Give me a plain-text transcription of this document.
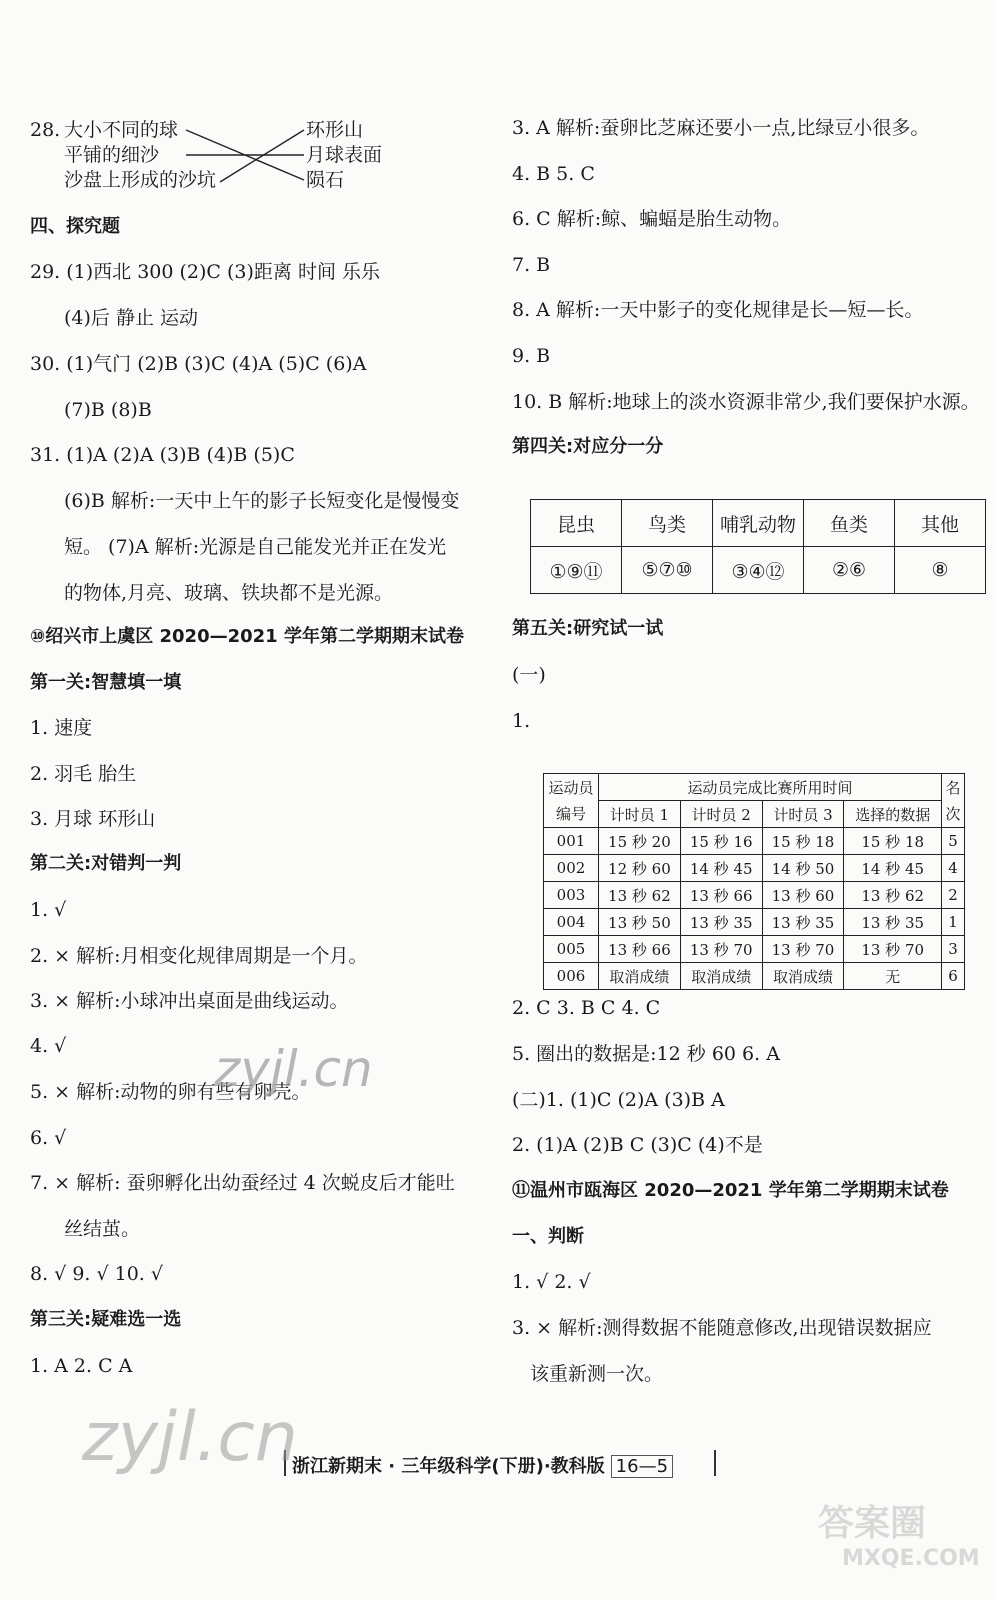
28. 大小不同的球
平铺的细沙
沙盘上形成的沙坑
环形山
月球表面
陨石
四、探究题
29. (1)西北 300 (2)C (3)距离 时间 乐乐
(4)后 静止 运动
30. (1)气门 (2)B (3)C (4)A (5)C (6)A
(7)B (8)B
31. (1)A (2)A (3)B (4)B (5)C
(6)B 解析:一天中上午的影子长短变化是慢慢变
短。 (7)A 解析:光源是自己能发光并正在发光
的物体,月亮、玻璃、铁块都不是光源。
⑩绍兴市上虞区 2020—2021 学年第二学期期末试卷
第一关:智慧填一填
1. 速度
2. 羽毛 胎生
3. 月球 环形山
第二关:对错判一判
1. √
2. × 解析:月相变化规律周期是一个月。
3. × 解析:小球冲出桌面是曲线运动。
4. √
5. × 解析:动物的卵有些有卵壳。
6. √
7. × 解析: 蚕卵孵化出幼蚕经过 4 次蜕皮后才能吐
丝结茧。
8. √ 9. √ 10. √
第三关:疑难选一选
1. A 2. C A
3. A 解析:蚕卵比芝麻还要小一点,比绿豆小很多。
4. B 5. C
6. C 解析:鲸、蝙蝠是胎生动物。
7. B
8. A 解析:一天中影子的变化规律是长—短—长。
9. B
10. B 解析:地球上的淡水资源非常少,我们要保护水源。
第四关:对应分一分
昆虫	鸟类	哺乳动物	鱼类	其他
①⑨⑪	⑤⑦⑩	③④⑫	②⑥	⑧
第五关:研究试一试
(一)
1.
运动员编号	运动员完成比赛所用时间				名次
	计时员 1	计时员 2	计时员 3	选择的数据	
001	15 秒 20	15 秒 16	15 秒 18	15 秒 18	5
002	12 秒 60	14 秒 45	14 秒 50	14 秒 45	4
003	13 秒 62	13 秒 66	13 秒 60	13 秒 62	2
004	13 秒 50	13 秒 35	13 秒 35	13 秒 35	1
005	13 秒 66	13 秒 70	13 秒 70	13 秒 70	3
006	取消成绩	取消成绩	取消成绩	无	6
2. C 3. B C 4. C
5. 圈出的数据是:12 秒 60 6. A
(二)1. (1)C (2)A (3)B A
2. (1)A (2)B C (3)C (4)不是
⑪温州市瓯海区 2020—2021 学年第二学期期末试卷
一、判断
1. √ 2. √
3. × 解析:测得数据不能随意修改,出现错误数据应
该重新测一次。
浙江新期末 · 三年级科学(下册)·教科版 16—5
zyjl.cn
zyjl.cn
答案圈
MXQE.COM
